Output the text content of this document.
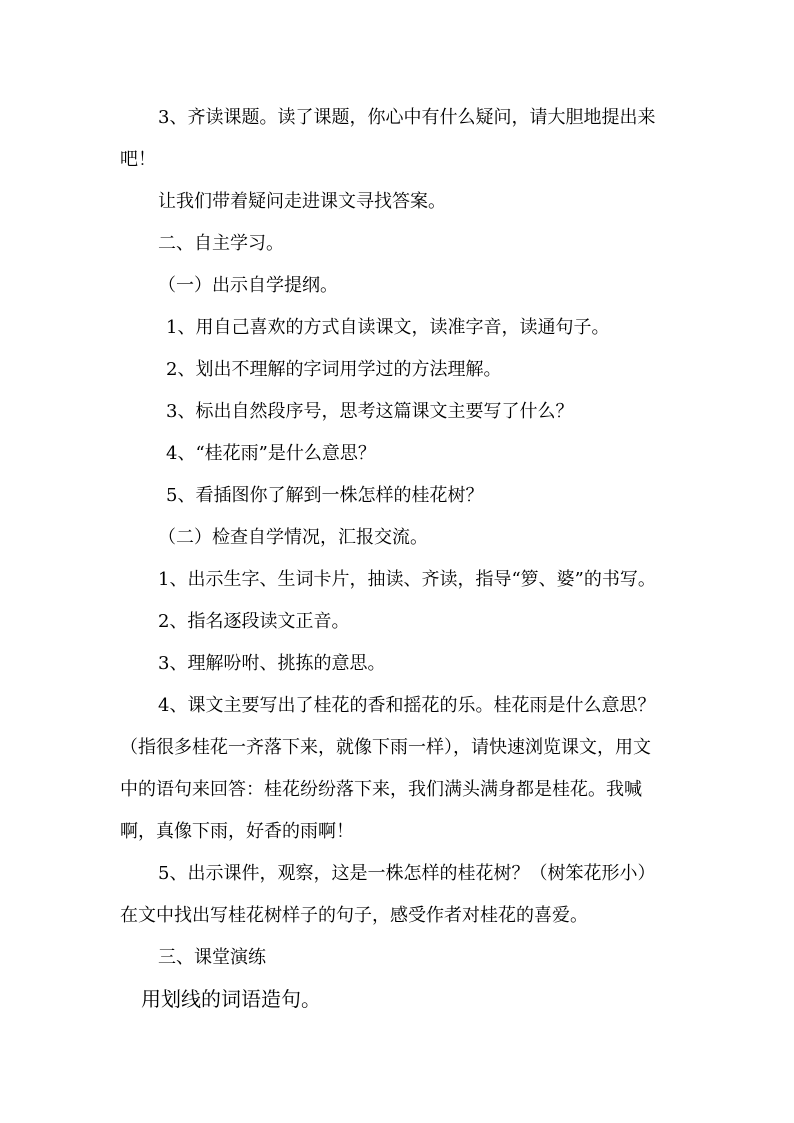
3、齐读课题。读了课题，你心中有什么疑问，请大胆地提出来
吧！
让我们带着疑问走进课文寻找答案。
二、自主学习。
（一）出示自学提纲。
1、用自己喜欢的方式自读课文，读准字音，读通句子。
2、划出不理解的字词用学过的方法理解。
3、标出自然段序号，思考这篇课文主要写了什么？
4、“桂花雨”是什么意思？
5、看插图你了解到一株怎样的桂花树？
（二）检查自学情况，汇报交流。
1、出示生字、生词卡片，抽读、齐读，指导“箩、婆”的书写。
2、指名逐段读文正音。
3、理解吩咐、挑拣的意思。
4、课文主要写出了桂花的香和摇花的乐。桂花雨是什么意思？
（指很多桂花一齐落下来，就像下雨一样），请快速浏览课文，用文
中的语句来回答：桂花纷纷落下来，我们满头满身都是桂花。我喊
啊，真像下雨，好香的雨啊！
5、出示课件，观察，这是一株怎样的桂花树？（树笨花形小）
在文中找出写桂花树样子的句子，感受作者对桂花的喜爱。
三、课堂演练
用划线的词语造句。
